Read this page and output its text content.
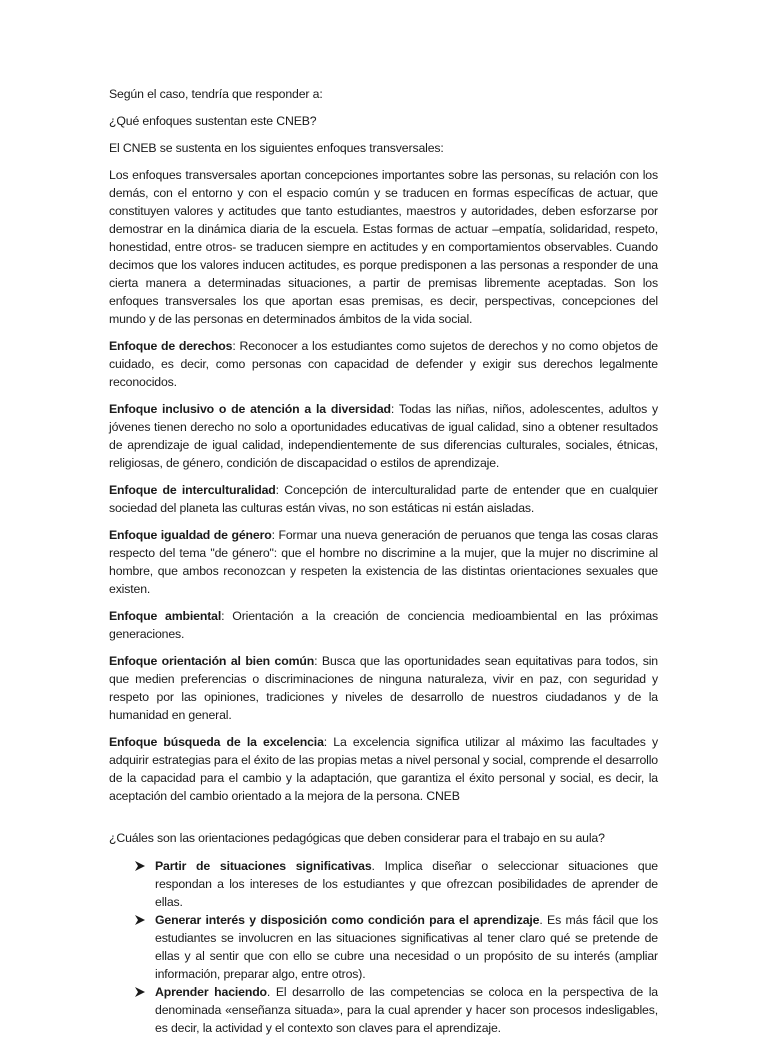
Según el caso, tendría que responder a:

¿Qué enfoques sustentan este CNEB?

El CNEB se sustenta en los siguientes enfoques transversales:

Los enfoques transversales aportan concepciones importantes sobre las personas, su relación con los demás, con el entorno y con el espacio común y se traducen en formas específicas de actuar, que constituyen valores y actitudes que tanto estudiantes, maestros y autoridades, deben esforzarse por demostrar en la dinámica diaria de la escuela. Estas formas de actuar –empatía, solidaridad, respeto, honestidad, entre otros- se traducen siempre en actitudes y en comportamientos observables. Cuando decimos que los valores inducen actitudes, es porque predisponen a las personas a responder de una cierta manera a determinadas situaciones, a partir de premisas libremente aceptadas. Son los enfoques transversales los que aportan esas premisas, es decir, perspectivas, concepciones del mundo y de las personas en determinados ámbitos de la vida social.

Enfoque de derechos: Reconocer a los estudiantes como sujetos de derechos y no como objetos de cuidado, es decir, como personas con capacidad de defender y exigir sus derechos legalmente reconocidos.

Enfoque inclusivo o de atención a la diversidad: Todas las niñas, niños, adolescentes, adultos y jóvenes tienen derecho no solo a oportunidades educativas de igual calidad, sino a obtener resultados de aprendizaje de igual calidad, independientemente de sus diferencias culturales, sociales, étnicas, religiosas, de género, condición de discapacidad o estilos de aprendizaje.

Enfoque de interculturalidad: Concepción de interculturalidad parte de entender que en cualquier sociedad del planeta las culturas están vivas, no son estáticas ni están aisladas.

Enfoque igualdad de género: Formar una nueva generación de peruanos que tenga las cosas claras respecto del tema "de género": que el hombre no discrimine a la mujer, que la mujer no discrimine al hombre, que ambos reconozcan y respeten la existencia de las distintas orientaciones sexuales que existen.

Enfoque ambiental: Orientación a la creación de conciencia medioambiental en las próximas generaciones.

Enfoque orientación al bien común: Busca que las oportunidades sean equitativas para todos, sin que medien preferencias o discriminaciones de ninguna naturaleza, vivir en paz, con seguridad y respeto por las opiniones, tradiciones y niveles de desarrollo de nuestros ciudadanos y de la humanidad en general.

Enfoque búsqueda de la excelencia: La excelencia significa utilizar al máximo las facultades y adquirir estrategias para el éxito de las propias metas a nivel personal y social, comprende el desarrollo de la capacidad para el cambio y la adaptación, que garantiza el éxito personal y social, es decir, la aceptación del cambio orientado a la mejora de la persona. CNEB

¿Cuáles son las orientaciones pedagógicas que deben considerar para el trabajo en su aula?

Partir de situaciones significativas. Implica diseñar o seleccionar situaciones que respondan a los intereses de los estudiantes y que ofrezcan posibilidades de aprender de ellas.
Generar interés y disposición como condición para el aprendizaje. Es más fácil que los estudiantes se involucren en las situaciones significativas al tener claro qué se pretende de ellas y al sentir que con ello se cubre una necesidad o un propósito de su interés (ampliar información, preparar algo, entre otros).
Aprender haciendo. El desarrollo de las competencias se coloca en la perspectiva de la denominada «enseñanza situada», para la cual aprender y hacer son procesos indesligables, es decir, la actividad y el contexto son claves para el aprendizaje.
